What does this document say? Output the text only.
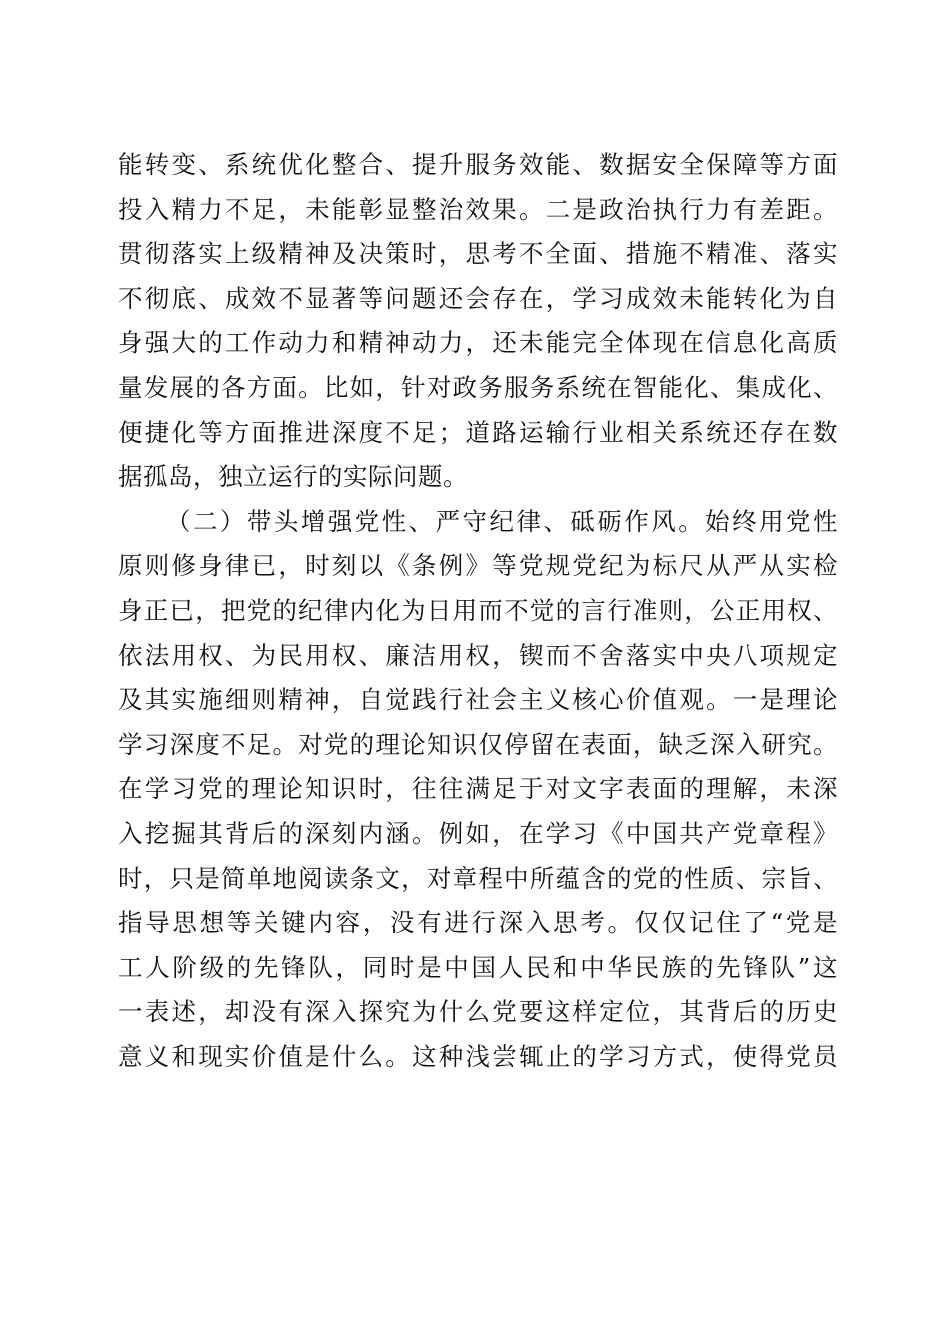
能转变、系统优化整合、提升服务效能、数据安全保障等方面
投入精力不足，未能彰显整治效果。二是政治执行力有差距。
贯彻落实上级精神及决策时，思考不全面、措施不精准、落实
不彻底、成效不显著等问题还会存在，学习成效未能转化为自
身强大的工作动力和精神动力，还未能完全体现在信息化高质
量发展的各方面。比如，针对政务服务系统在智能化、集成化、
便捷化等方面推进深度不足；道路运输行业相关系统还存在数
据孤岛，独立运行的实际问题。
（二）带头增强党性、严守纪律、砥砺作风。始终用党性
原则修身律已，时刻以《条例》等党规党纪为标尺从严从实检
身正已，把党的纪律内化为日用而不觉的言行准则，公正用权、
依法用权、为民用权、廉洁用权，锲而不舍落实中央八项规定
及其实施细则精神，自觉践行社会主义核心价值观。一是理论
学习深度不足。对党的理论知识仅停留在表面，缺乏深入研究。
在学习党的理论知识时，往往满足于对文字表面的理解，未深
入挖掘其背后的深刻内涵。例如，在学习《中国共产党章程》
时，只是简单地阅读条文，对章程中所蕴含的党的性质、宗旨、
指导思想等关键内容，没有进行深入思考。仅仅记住了“党是
工人阶级的先锋队，同时是中国人民和中华民族的先锋队”这
一表述，却没有深入探究为什么党要这样定位，其背后的历史
意义和现实价值是什么。这种浅尝辄止的学习方式，使得党员
